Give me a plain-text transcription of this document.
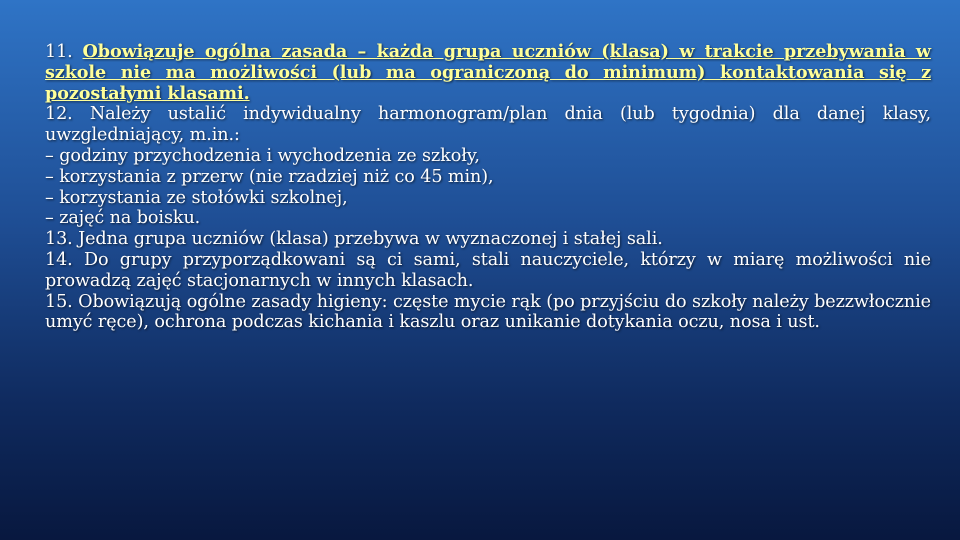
11. Obowiązuje ogólna zasada – każda grupa uczniów (klasa) w trakcie przebywania w szkole nie ma możliwości (lub ma ograniczoną do minimum) kontaktowania się z pozostałymi klasami.

12. Należy ustalić indywidualny harmonogram/plan dnia (lub tygodnia) dla danej klasy, uwzgledniający, m.in.:

– godziny przychodzenia i wychodzenia ze szkoły,

– korzystania z przerw (nie rzadziej niż co 45 min),

– korzystania ze stołówki szkolnej,

– zajęć na boisku.

13. Jedna grupa uczniów (klasa) przebywa w wyznaczonej i stałej sali.

14. Do grupy przyporządkowani są ci sami, stali nauczyciele, którzy w miarę możliwości nie prowadzą zajęć stacjonarnych w innych klasach.

15. Obowiązują ogólne zasady higieny: częste mycie rąk (po przyjściu do szkoły należy bezzwłocznie umyć ręce), ochrona podczas kichania i kaszlu oraz unikanie dotykania oczu, nosa i ust.
